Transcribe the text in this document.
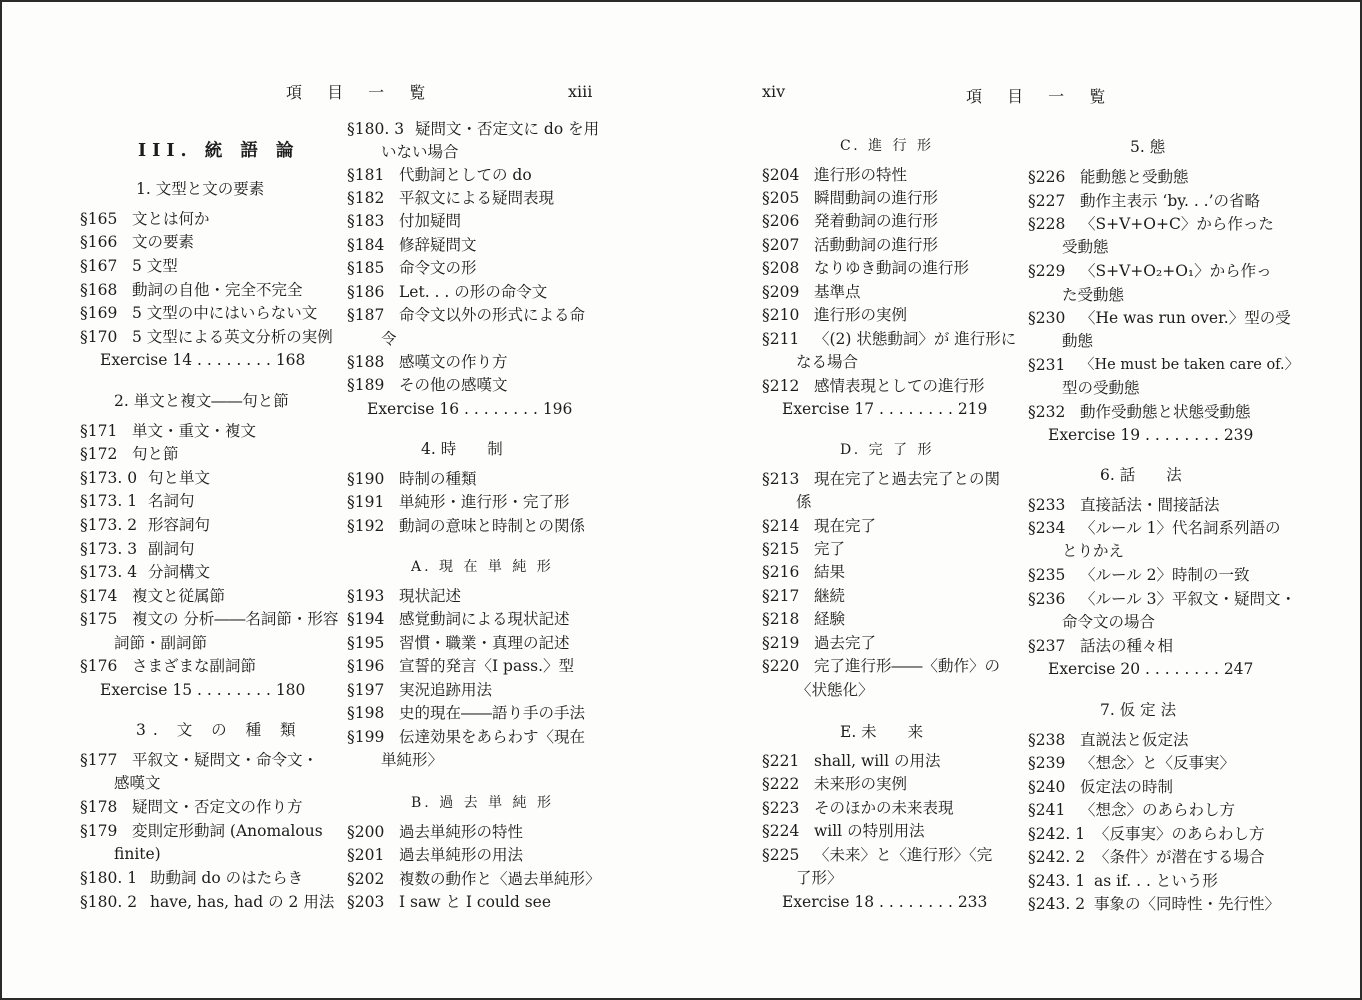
項 目 一 覧	xiii	xiv	項 目 一 覧
III. 統 語 論
1. 文型と文の要素
§165 文とは何か
§166 文の要素
§167 5 文型
§168 動詞の自他・完全不完全
§169 5 文型の中にはいらない文
§170 5 文型による英文分析の実例
Exercise 14 . . . . . . . . 168
2. 単文と複文――句と節
§171 単文・重文・複文
§172 句と節
§173. 0 句と単文
§173. 1 名詞句
§173. 2 形容詞句
§173. 3 副詞句
§173. 4 分詞構文
§174 複文と従属節
§175 複文の 分析――名詞節・形容
詞節・副詞節
§176 さまざまな副詞節
Exercise 15 . . . . . . . . 180
3. 文 の 種 類
§177 平叙文・疑問文・命令文・
感嘆文
§178 疑問文・否定文の作り方
§179 変則定形動詞 (Anomalous
finite)
§180. 1 助動詞 do のはたらき
§180. 2 have, has, had の 2 用法
§180. 3 疑問文・否定文に do を用
いない場合
§181 代動詞としての do
§182 平叙文による疑問表現
§183 付加疑問
§184 修辞疑問文
§185 命令文の形
§186 Let. . . の形の命令文
§187 命令文以外の形式による命
令
§188 感嘆文の作り方
§189 その他の感嘆文
Exercise 16 . . . . . . . . 196
4. 時　　制
§190 時制の種類
§191 単純形・進行形・完了形
§192 動詞の意味と時制との関係
A. 現 在 単 純 形
§193 現状記述
§194 感覚動詞による現状記述
§195 習慣・職業・真理の記述
§196 宣誓的発言〈I pass.〉型
§197 実況追跡用法
§198 史的現在――語り手の手法
§199 伝達効果をあらわす〈現在
単純形〉
B. 過 去 単 純 形
§200 過去単純形の特性
§201 過去単純形の用法
§202 複数の動作と〈過去単純形〉
§203 I saw と I could see
C. 進 行 形
§204 進行形の特性
§205 瞬間動詞の進行形
§206 発着動詞の進行形
§207 活動動詞の進行形
§208 なりゆき動詞の進行形
§209 基準点
§210 進行形の実例
§211 〈(2) 状態動詞〉が 進行形に
なる場合
§212 感情表現としての進行形
Exercise 17 . . . . . . . . 219
D. 完 了 形
§213 現在完了と過去完了との関
係
§214 現在完了
§215 完了
§216 結果
§217 継続
§218 経験
§219 過去完了
§220 完了進行形――〈動作〉の
〈状態化〉
E. 未　　来
§221 shall, will の用法
§222 未来形の実例
§223 そのほかの未来表現
§224 will の特別用法
§225 〈未来〉と〈進行形〉〈完
了形〉
Exercise 18 . . . . . . . . 233
5. 態
§226 能動態と受動態
§227 動作主表示 ‘by. . .’の省略
§228 〈S+V+O+C〉から作った
受動態
§229 〈S+V+O₂+O₁〉から作っ
た受動態
§230 〈He was run over.〉型の受
動態
§231 〈He must be taken care of.〉
型の受動態
§232 動作受動態と状態受動態
Exercise 19 . . . . . . . . 239
6. 話　　法
§233 直接話法・間接話法
§234 〈ルール 1〉代名詞系列語の
とりかえ
§235 〈ルール 2〉時制の一致
§236 〈ルール 3〉平叙文・疑問文・
命令文の場合
§237 話法の種々相
Exercise 20 . . . . . . . . 247
7. 仮 定 法
§238 直説法と仮定法
§239 〈想念〉と〈反事実〉
§240 仮定法の時制
§241 〈想念〉のあらわし方
§242. 1 〈反事実〉のあらわし方
§242. 2 〈条件〉が潜在する場合
§243. 1 as if. . . という形
§243. 2 事象の〈同時性・先行性〉
